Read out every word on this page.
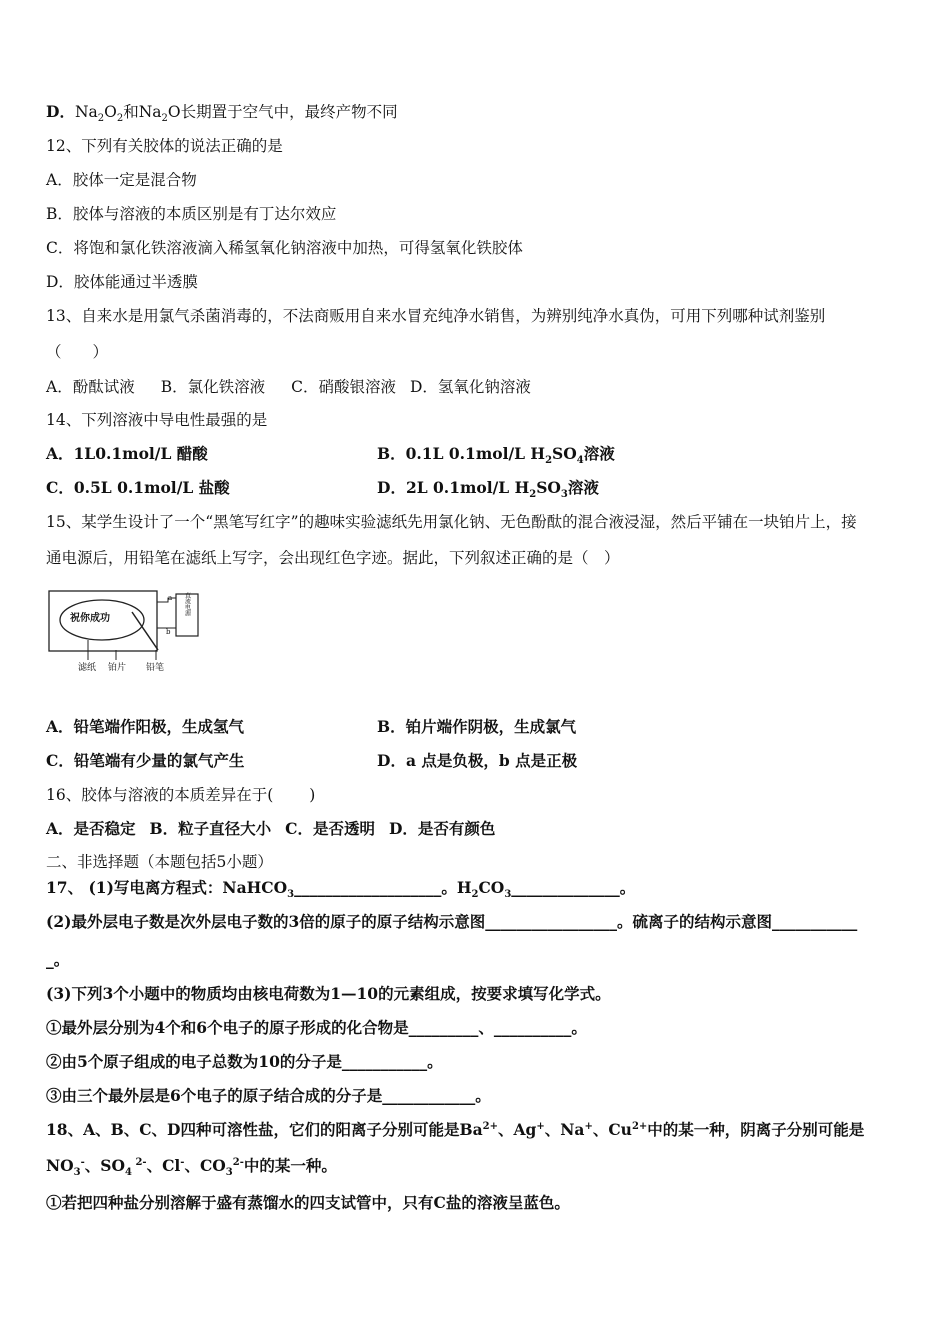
D．$Na_2O_2$和$Na_2O$长期置于空气中，最终产物不同
12、下列有关胶体的说法正确的是
A．胶体一定是混合物
B．胶体与溶液的本质区别是有丁达尔效应
C．将饱和氯化铁溶液滴入稀氢氧化钠溶液中加热，可得氢氧化铁胶体
D．胶体能通过半透膜
13、自来水是用氯气杀菌消毒的，不法商贩用自来水冒充纯净水销售，为辨别纯净水真伪，可用下列哪种试剂鉴别
（　　）
A．酚酞试液 B．氯化铁溶液 C．硝酸银溶液 D．氢氧化钠溶液
14、下列溶液中导电性最强的是
A．1L0.1mol/L 醋酸	B．0.1L 0.1mol/L $H_2SO_4$溶液
C．0.5L 0.1mol/L 盐酸	D．2L 0.1mol/L $H_2SO_3$溶液
15、某学生设计了一个“黑笔写红字”的趣味实验滤纸先用氯化钠、无色酚酞的混合液浸湿，然后平铺在一块铂片上，接
通电源后，用铅笔在滤纸上写字，会出现红色字迹。据此，下列叙述正确的是（　）
祝你成功
a
b
直流电源
滤纸 铂片 铅笔
A．铅笔端作阳极，生成氢气	B．铂片端作阴极，生成氯气
C．铅笔端有少量的氯气产生	D．a 点是负极，b 点是正极
16、胶体与溶液的本质差异在于(　　 )
A．是否稳定 B．粒子直径大小 C．是否透明 D．是否有颜色
二、非选择题（本题包括5小题）
17、 (1)写电离方程式：NaHCO$_3$___________________。$H_2CO_3\_\_\_\_\_\_\_\_\_\_\_\_\_\_$。
(2)最外层电子数是次外层电子数的3倍的原子的原子结构示意图_________________。硫离子的结构示意图___________
_。
(3)下列3个小题中的物质均由核电荷数为1—10的元素组成，按要求填写化学式。
①最外层分别为4个和6个电子的原子形成的化合物是_________、__________。
②由5个原子组成的电子总数为10的分子是___________。
③由三个最外层是6个电子的原子结合成的分子是____________。
18、A、B、C、D四种可溶性盐，它们的阳离子分别可能是$Ba^{2+}$、Ag+、Na+、$Cu^{2+}$中的某一种，阴离子分别可能是
$NO_3^-$、$SO_4$ $^{2-}$、Cl-、$CO_3^{2-}$中的某一种。
①若把四种盐分别溶解于盛有蒸馏水的四支试管中，只有C盐的溶液呈蓝色。
